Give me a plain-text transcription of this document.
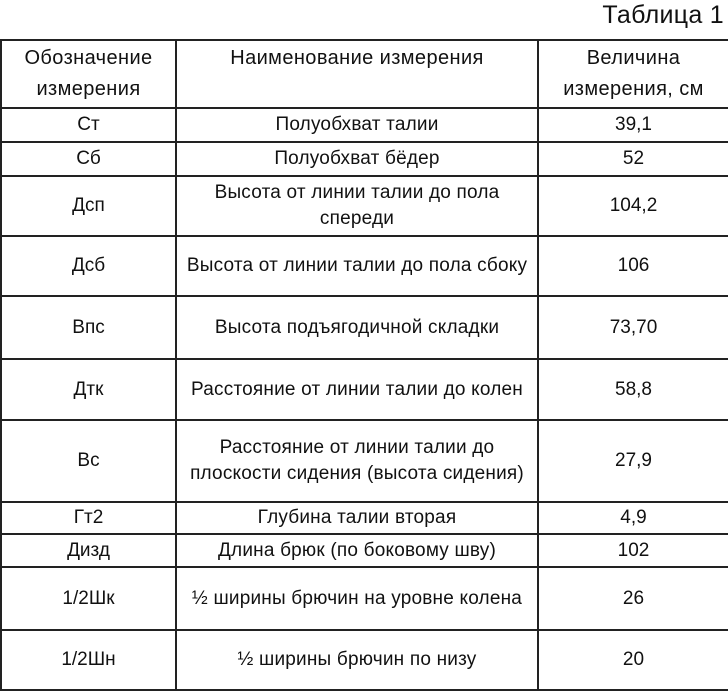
Таблица 1
Обозначение измерения	Наименование измерения	Величина измерения, см
Ст	Полуобхват талии	39,1
Сб	Полуобхват бёдер	52
Дсп	Высота от линии талии до пола спереди	104,2
Дсб	Высота от линии талии до пола сбоку	106
Впс	Высота подъягодичной складки	73,70
Дтк	Расстояние от линии талии до колен	58,8
Вс	Расстояние от линии талии до плоскости сидения (высота сидения)	27,9
Гт2	Глубина талии вторая	4,9
Дизд	Длина брюк (по боковому шву)	102
1/2Шк	½ ширины брючин на уровне колена	26
1/2Шн	½ ширины брючин по низу	20
